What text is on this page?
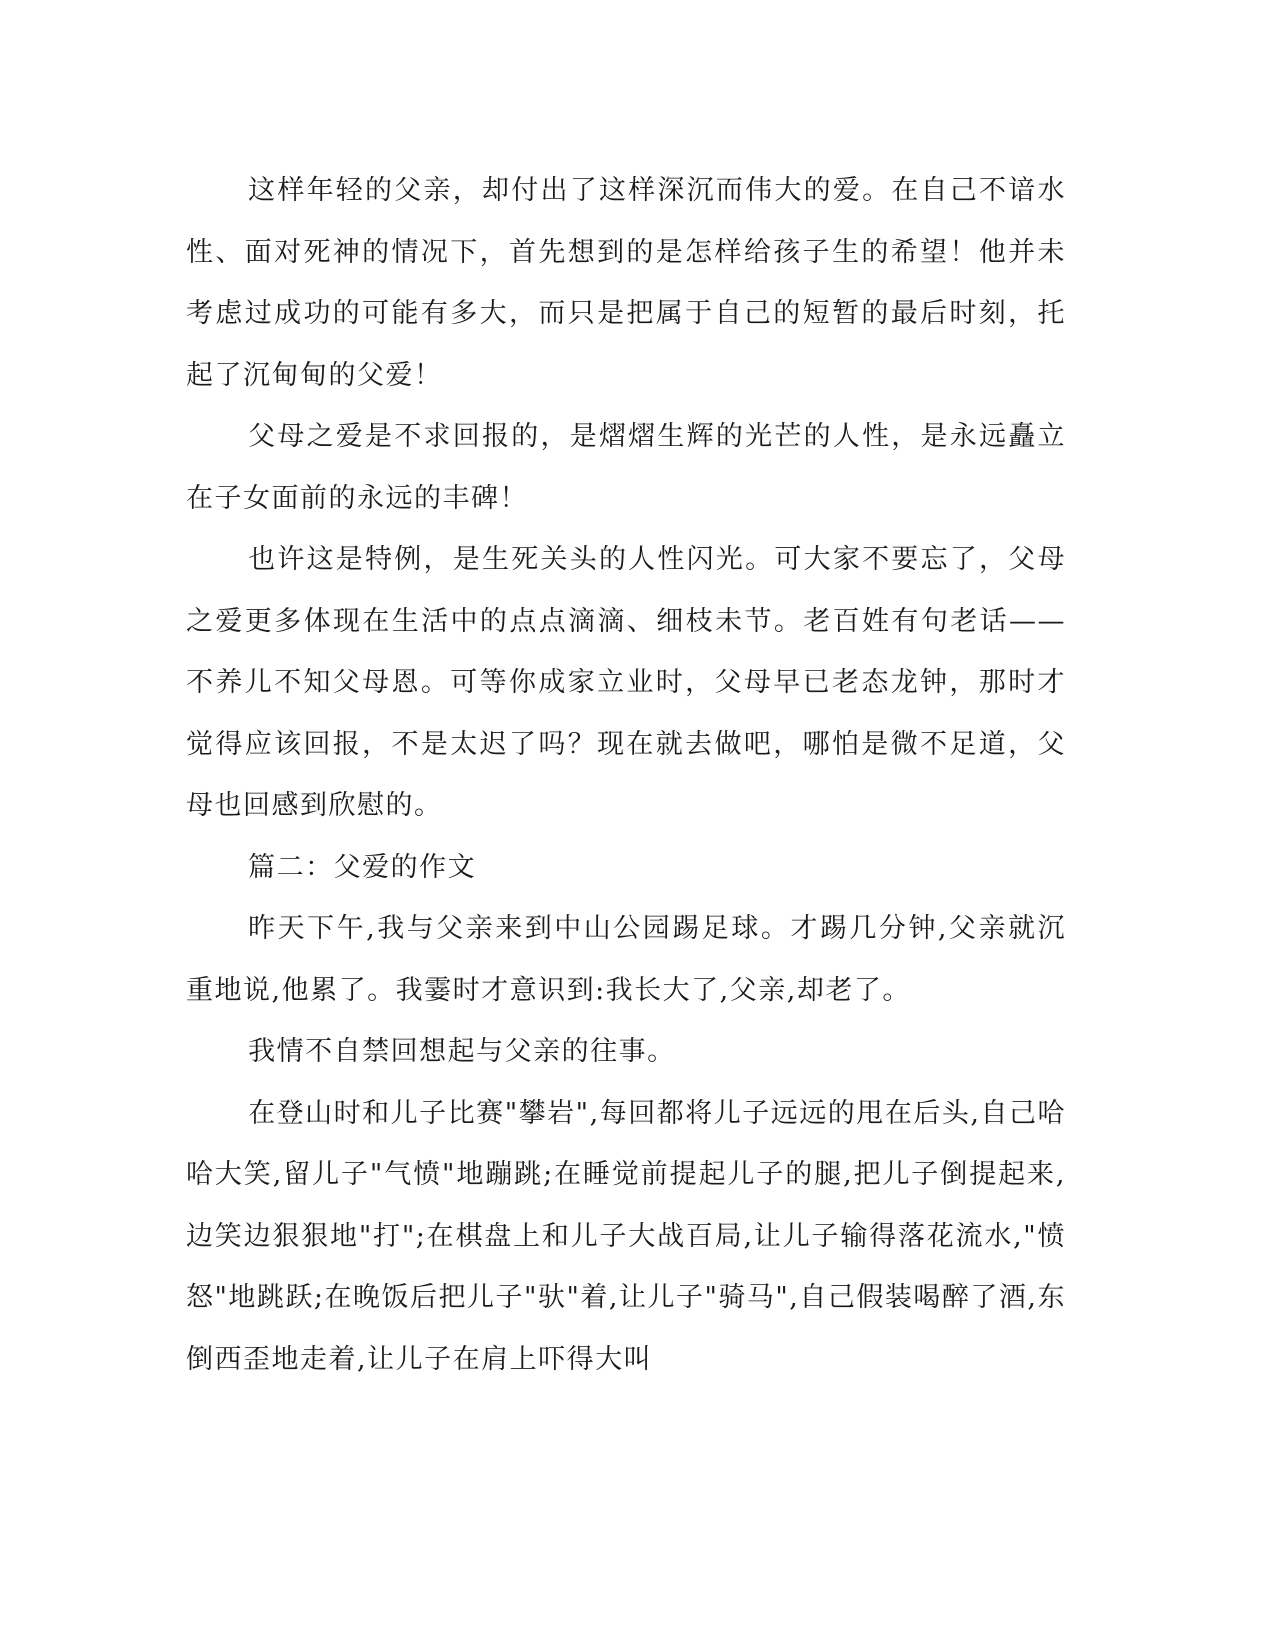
这样年轻的父亲，却付出了这样深沉而伟大的爱。在自己不谙水性、面对死神的情况下，首先想到的是怎样给孩子生的希望！他并未考虑过成功的可能有多大，而只是把属于自己的短暂的最后时刻，托起了沉甸甸的父爱！

父母之爱是不求回报的，是熠熠生辉的光芒的人性，是永远矗立在子女面前的永远的丰碑！

也许这是特例，是生死关头的人性闪光。可大家不要忘了，父母之爱更多体现在生活中的点点滴滴、细枝未节。老百姓有句老话——不养儿不知父母恩。可等你成家立业时，父母早已老态龙钟，那时才觉得应该回报，不是太迟了吗？现在就去做吧，哪怕是微不足道，父母也回感到欣慰的。

篇二：父爱的作文

昨天下午,我与父亲来到中山公园踢足球。才踢几分钟,父亲就沉重地说,他累了。我霎时才意识到:我长大了,父亲,却老了。

我情不自禁回想起与父亲的往事。

在登山时和儿子比赛"攀岩",每回都将儿子远远的甩在后头,自己哈哈大笑,留儿子"气愤"地蹦跳;在睡觉前提起儿子的腿,把儿子倒提起来,边笑边狠狠地"打";在棋盘上和儿子大战百局,让儿子输得落花流水,"愤怒"地跳跃;在晚饭后把儿子"驮"着,让儿子"骑马",自己假装喝醉了酒,东倒西歪地走着,让儿子在肩上吓得大叫
